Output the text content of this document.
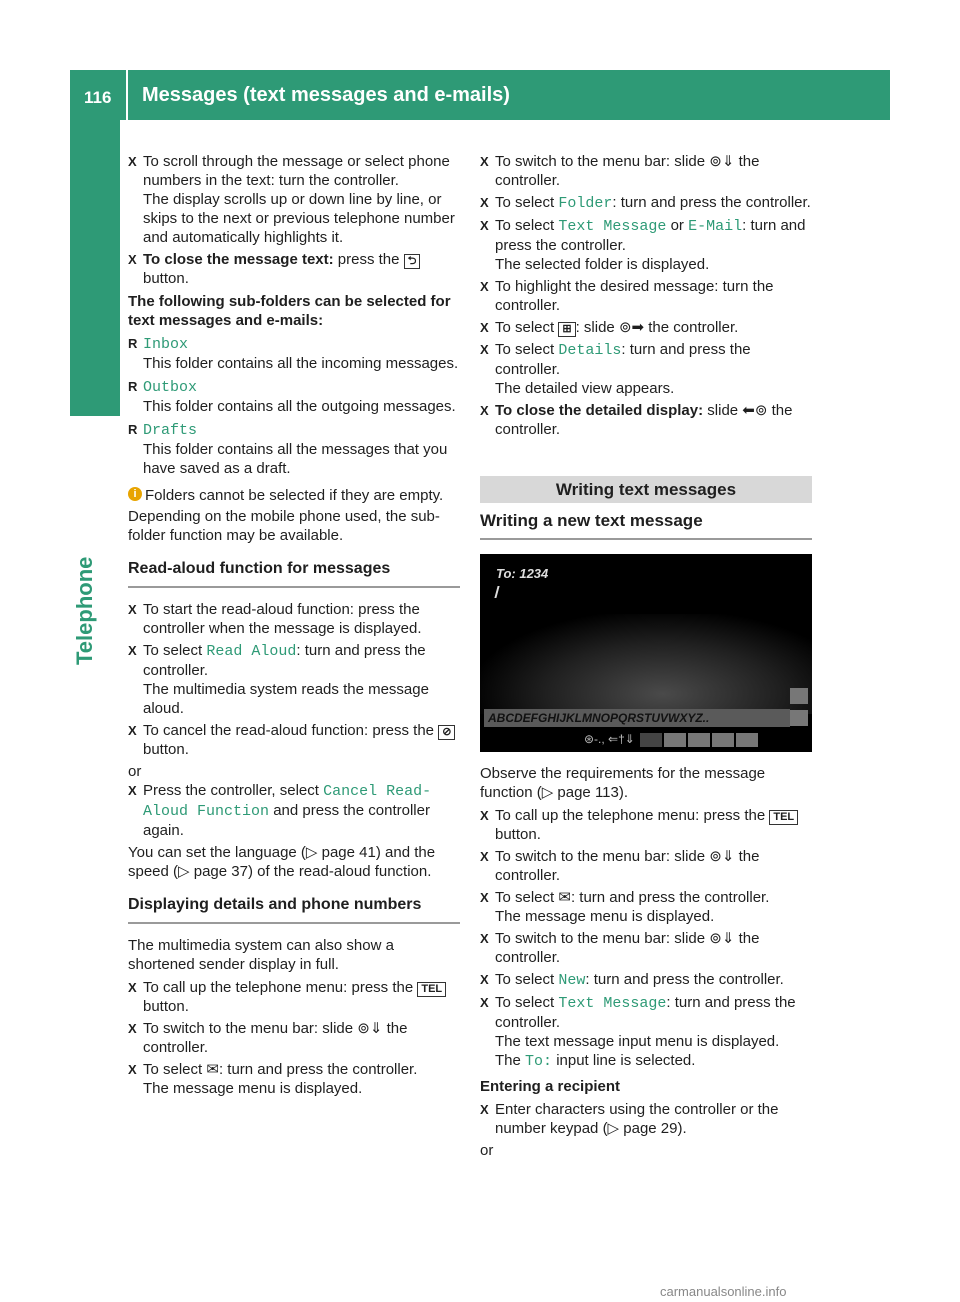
116 Messages (text messages and e-mails)
Telephone

X To scroll through the message or select phone numbers in the text: turn the controller.

The display scrolls up or down line by line, or skips to the next or previous telephone number and automatically highlights it.

X To close the message text: press the ⮌ button.

The following sub-folders can be selected for text messages and e-mails:

R Inbox

This folder contains all the incoming messages.

R Outbox

This folder contains all the outgoing messages.

R Drafts

This folder contains all the messages that you have saved as a draft.

i Folders cannot be selected if they are empty.

Depending on the mobile phone used, the sub-folder function may be available.

Read-aloud function for messages

X To start the read-aloud function: press the controller when the message is displayed.

X To select Read Aloud: turn and press the controller.

The multimedia system reads the message aloud.

X To cancel the read-aloud function: press the ⊘ button.

or

X Press the controller, select Cancel Read-Aloud Function and press the controller again.

You can set the language (▷ page 41) and the speed (▷ page 37) of the read-aloud function.

Displaying details and phone numbers

The multimedia system can also show a shortened sender display in full.

X To call up the telephone menu: press the TEL button.

X To switch to the menu bar: slide ⊚⇓ the controller.

X To select ✉: turn and press the controller.

The message menu is displayed.

X To switch to the menu bar: slide ⊚⇓ the controller.

X To select Folder: turn and press the controller.
X To select Text Message or E-Mail: turn and press the controller.

The selected folder is displayed.

X To highlight the desired message: turn the controller.

X To select ⊞ : slide ⊚➡ the controller.
X To select Details: turn and press the controller.

The detailed view appears.

X To close the detailed display: slide ⬅⊚ the controller.
Writing text messages
Writing a new text message
To: 1234
ABCDEFGHIJKLMNOPQRSTUVWXYZ..
⊛-., ⇐†⇓

Observe the requirements for the message function (▷ page 113).

X To call up the telephone menu: press the TEL button.

X To switch to the menu bar: slide ⊚⇓ the controller.

X To select ✉: turn and press the controller.

The message menu is displayed.

X To switch to the menu bar: slide ⊚⇓ the controller.

X To select New: turn and press the controller.
X To select Text Message: turn and press the controller.

The text message input menu is displayed.

The To: input line is selected.

Entering a recipient

X Enter characters using the controller or the number keypad (▷ page 29).

or

carmanualsonline.info
